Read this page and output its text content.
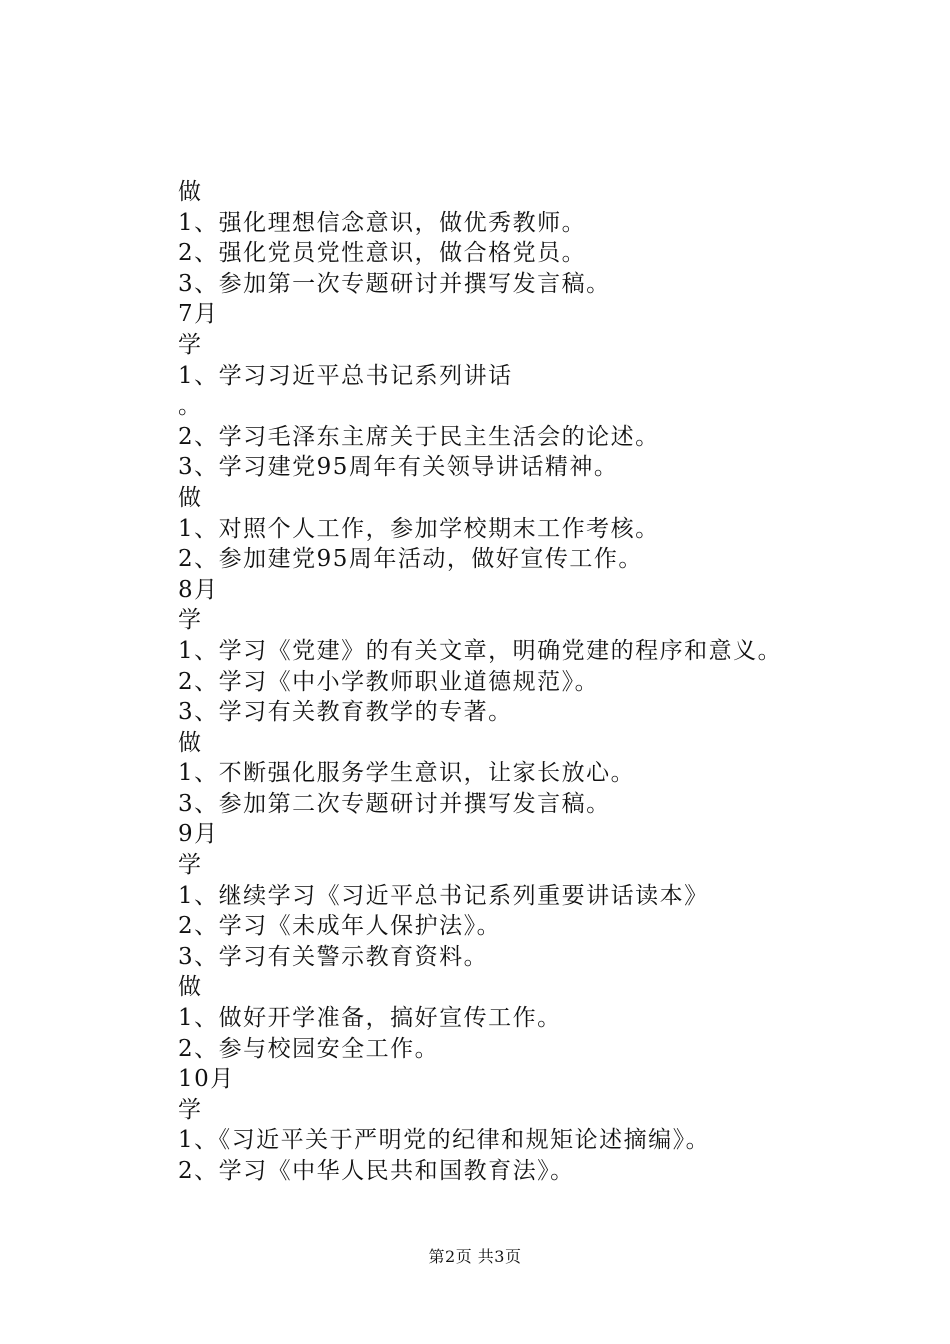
做
1、强化理想信念意识，做优秀教师。
2、强化党员党性意识，做合格党员。
3、参加第一次专题研讨并撰写发言稿。
7月
学
1、学习习近平总书记系列讲话
。
2、学习毛泽东主席关于民主生活会的论述。
3、学习建党95周年有关领导讲话精神。
做
1、对照个人工作，参加学校期末工作考核。
2、参加建党95周年活动，做好宣传工作。
8月
学
1、学习《党建》的有关文章，明确党建的程序和意义。
2、学习《中小学教师职业道德规范》。
3、学习有关教育教学的专著。
做
1、不断强化服务学生意识，让家长放心。
3、参加第二次专题研讨并撰写发言稿。
9月
学
1、继续学习《习近平总书记系列重要讲话读本》
2、学习《未成年人保护法》。
3、学习有关警示教育资料。
做
1、做好开学准备，搞好宣传工作。
2、参与校园安全工作。
10月
学
1、《习近平关于严明党的纪律和规矩论述摘编》。
2、学习《中华人民共和国教育法》。
第2页 共3页
